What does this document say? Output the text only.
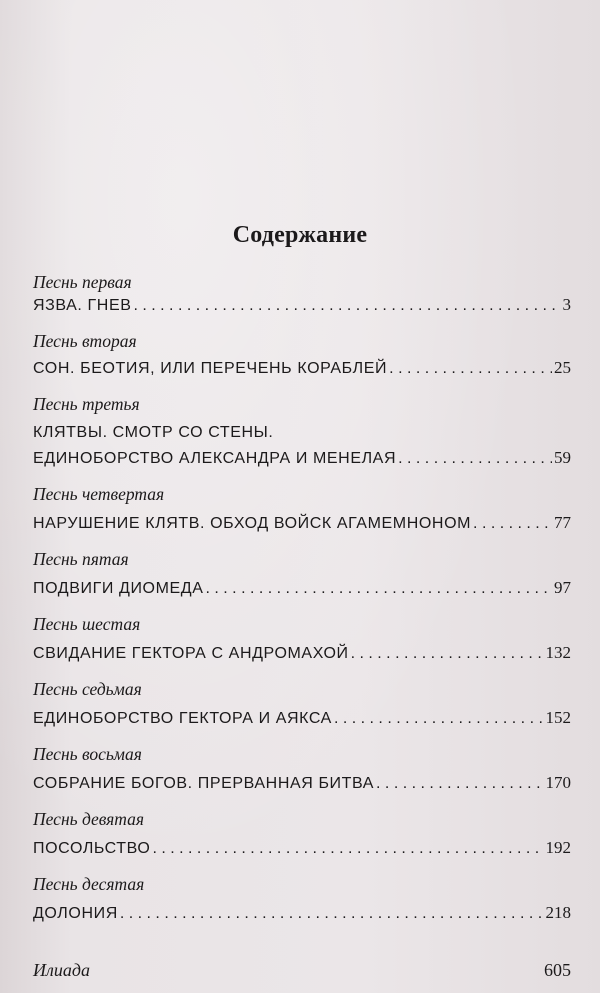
Содержание
Песнь первая
ЯЗВА. ГНЕВ . . .	3
Песнь вторая
СОН. БЕОТИЯ, ИЛИ ПЕРЕЧЕНЬ КОРАБЛЕЙ . . .	25
Песнь третья
КЛЯТВЫ. СМОТР СО СТЕНЫ.
ЕДИНОБОРСТВО АЛЕКСАНДРА И МЕНЕЛАЯ . . .	59
Песнь четвертая
НАРУШЕНИЕ КЛЯТВ. ОБХОД ВОЙСК АГАМЕМНОНОМ . . .	77
Песнь пятая
ПОДВИГИ ДИОМЕДА . . .	97
Песнь шестая
СВИДАНИЕ ГЕКТОРА С АНДРОМАХОЙ . . .	132
Песнь седьмая
ЕДИНОБОРСТВО ГЕКТОРА И АЯКСА . . .	152
Песнь восьмая
СОБРАНИЕ БОГОВ. ПРЕРВАННАЯ БИТВА . . .	170
Песнь девятая
ПОСОЛЬСТВО . . .	192
Песнь десятая
ДОЛОНИЯ . . .	218
Илиада	605
